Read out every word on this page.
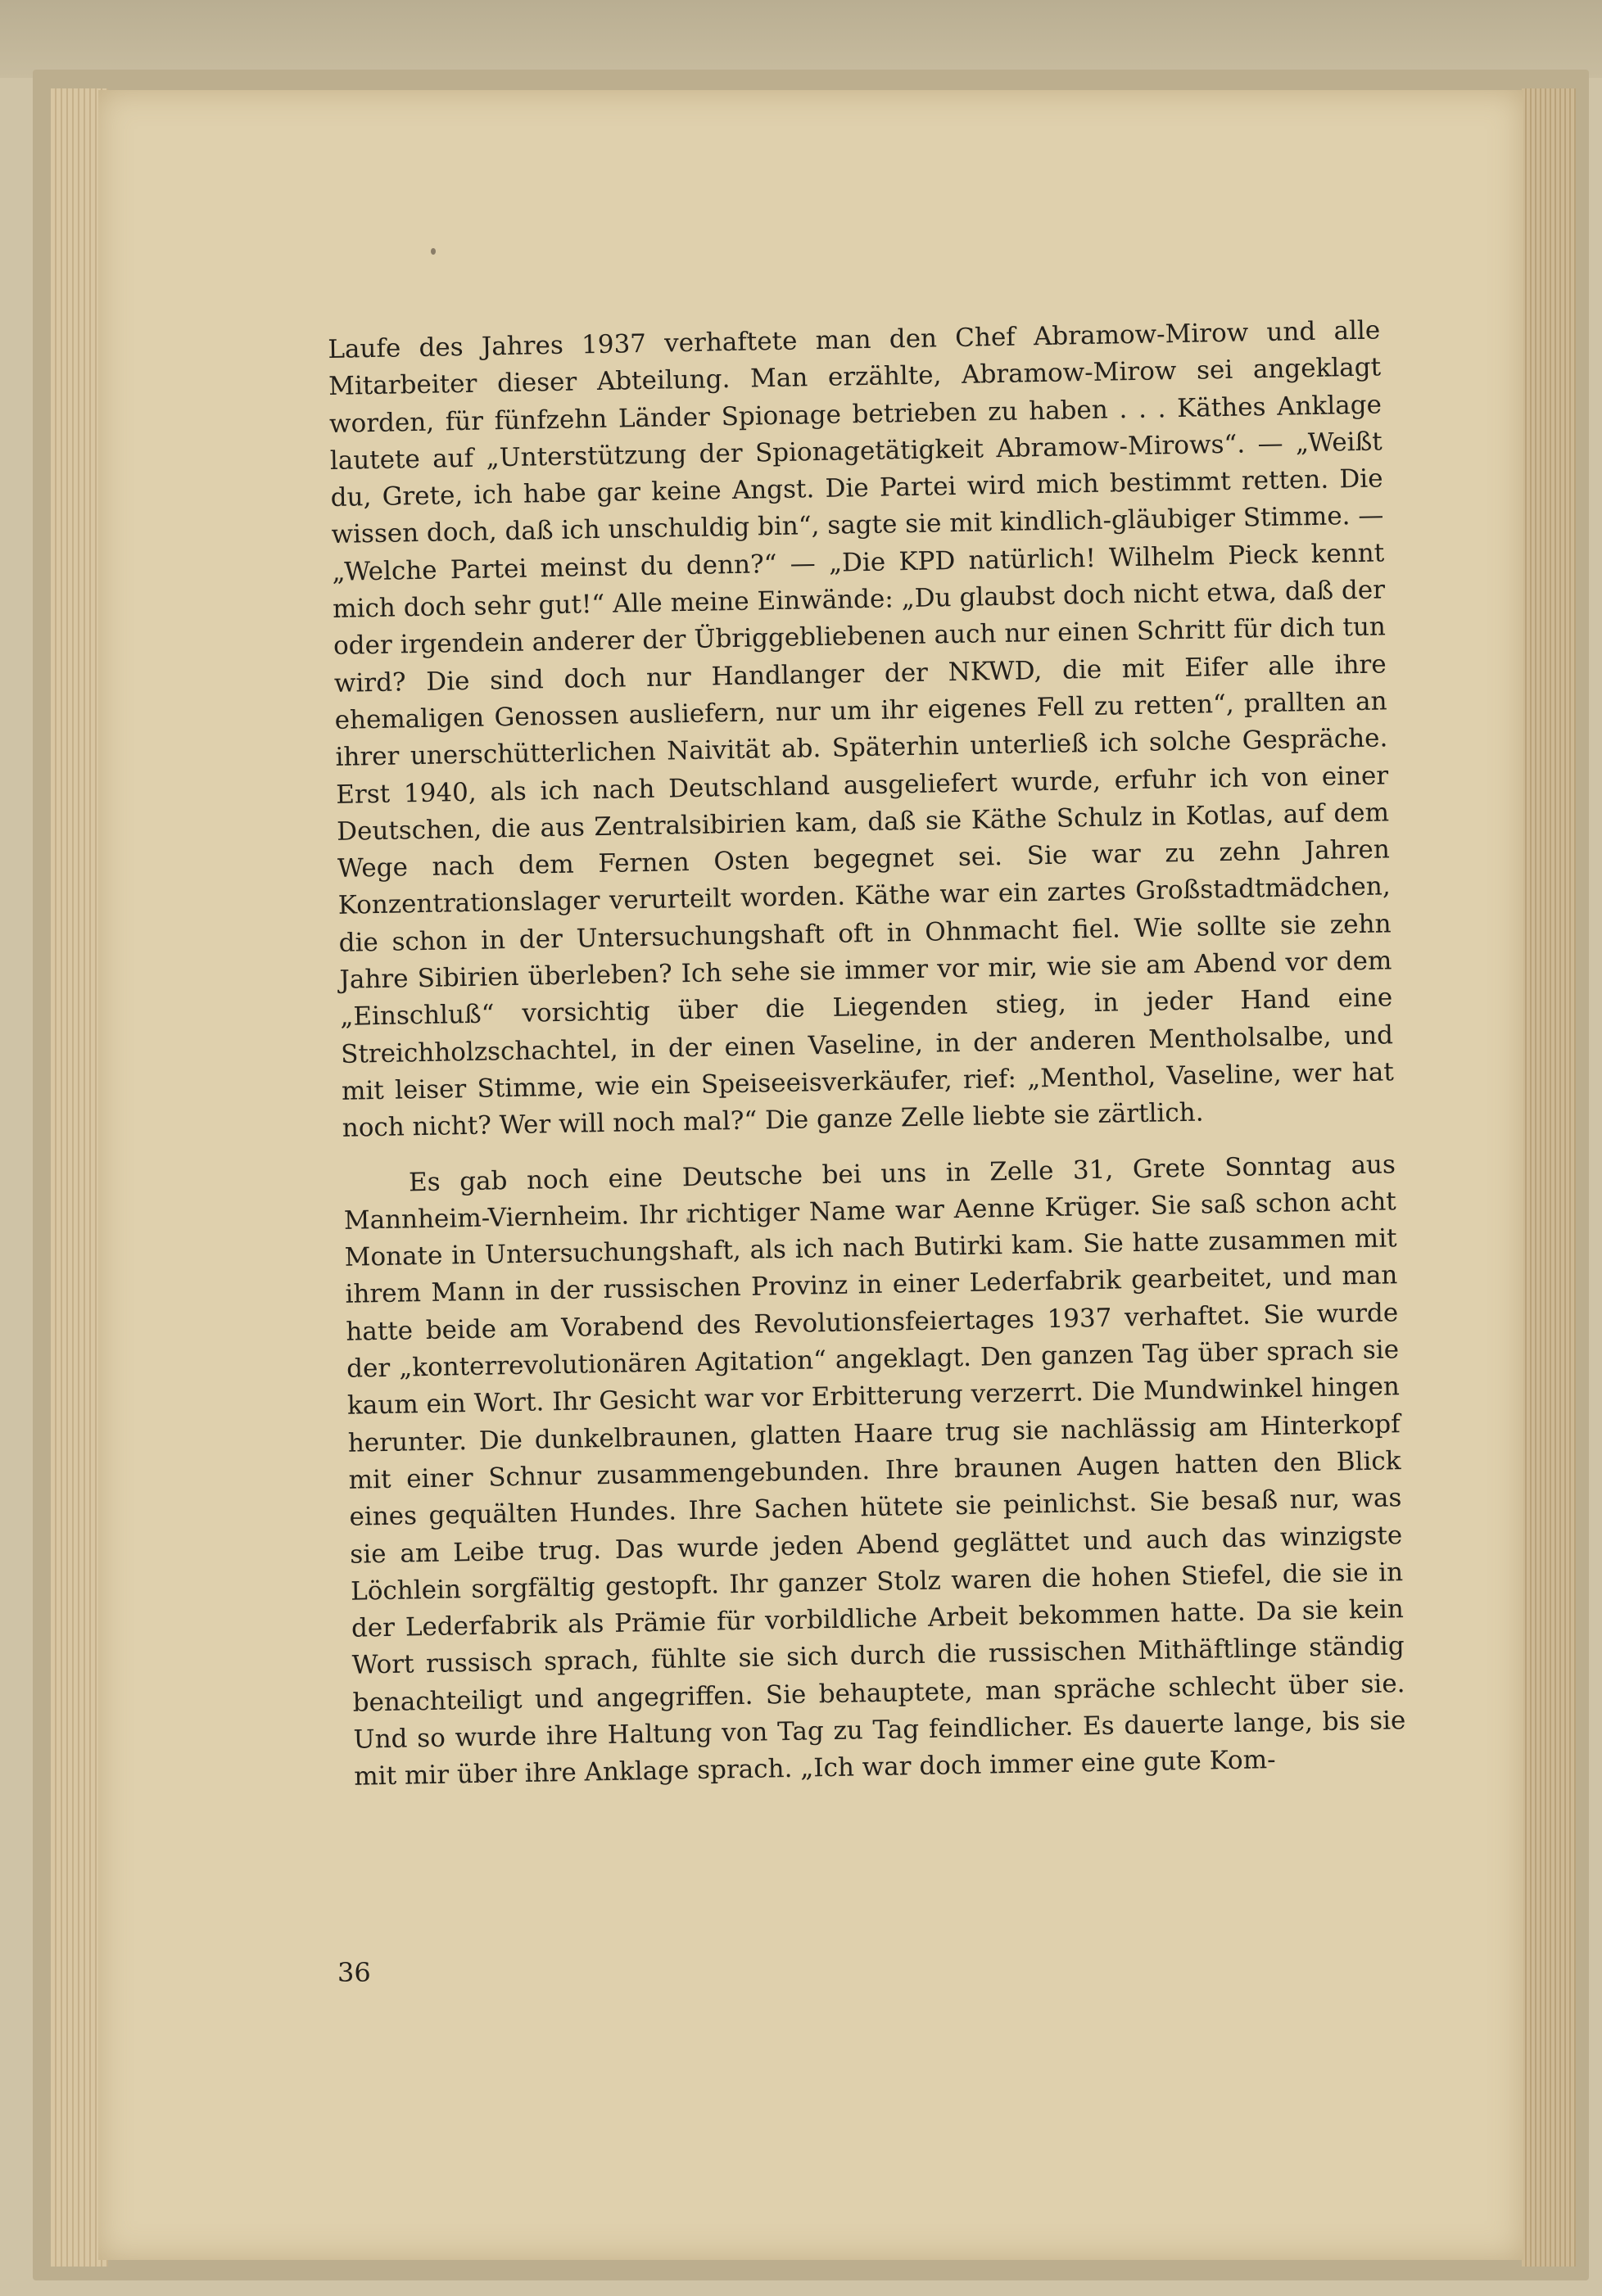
Laufe des Jahres 1937 verhaftete man den Chef Abramow-Mirow und alle Mitarbeiter dieser Abteilung. Man erzählte, Abramow-Mirow sei angeklagt worden, für fünfzehn Länder Spionage betrieben zu haben . . . Käthes Anklage lautete auf „Unterstützung der Spionagetätigkeit Abramow-Mirows“. — „Weißt du, Grete, ich habe gar keine Angst. Die Partei wird mich bestimmt retten. Die wissen doch, daß ich unschuldig bin“, sagte sie mit kindlich-gläubiger Stimme. — „Welche Partei meinst du denn?“ — „Die KPD natürlich! Wilhelm Pieck kennt mich doch sehr gut!“ Alle meine Einwände: „Du glaubst doch nicht etwa, daß der oder irgendein anderer der Übriggebliebenen auch nur einen Schritt für dich tun wird? Die sind doch nur Handlanger der NKWD, die mit Eifer alle ihre ehemaligen Genossen ausliefern, nur um ihr eigenes Fell zu retten“, prallten an ihrer unerschütterlichen Naivität ab. Späterhin unterließ ich solche Gespräche. Erst 1940, als ich nach Deutschland ausgeliefert wurde, erfuhr ich von einer Deutschen, die aus Zentralsibirien kam, daß sie Käthe Schulz in Kotlas, auf dem Wege nach dem Fernen Osten begegnet sei. Sie war zu zehn Jahren Konzentrationslager verurteilt worden. Käthe war ein zartes Großstadtmädchen, die schon in der Untersuchungshaft oft in Ohnmacht fiel. Wie sollte sie zehn Jahre Sibirien überleben? Ich sehe sie immer vor mir, wie sie am Abend vor dem „Einschluß“ vorsichtig über die Liegenden stieg, in jeder Hand eine Streichholzschachtel, in der einen Vaseline, in der anderen Mentholsalbe, und mit leiser Stimme, wie ein Speiseeisverkäufer, rief: „Menthol, Vaseline, wer hat noch nicht? Wer will noch mal?“ Die ganze Zelle liebte sie zärtlich.

Es gab noch eine Deutsche bei uns in Zelle 31, Grete Sonntag aus Mannheim-Viernheim. Ihr richtiger Name war Aenne Krüger. Sie saß schon acht Monate in Untersuchungshaft, als ich nach Butirki kam. Sie hatte zusammen mit ihrem Mann in der russischen Provinz in einer Lederfabrik gearbeitet, und man hatte beide am Vorabend des Revolutionsfeiertages 1937 verhaftet. Sie wurde der „konterrevolutionären Agitation“ angeklagt. Den ganzen Tag über sprach sie kaum ein Wort. Ihr Gesicht war vor Erbitterung verzerrt. Die Mundwinkel hingen herunter. Die dunkelbraunen, glatten Haare trug sie nachlässig am Hinterkopf mit einer Schnur zusammengebunden. Ihre braunen Augen hatten den Blick eines gequälten Hundes. Ihre Sachen hütete sie peinlichst. Sie besaß nur, was sie am Leibe trug. Das wurde jeden Abend geglättet und auch das winzigste Löchlein sorgfältig gestopft. Ihr ganzer Stolz waren die hohen Stiefel, die sie in der Lederfabrik als Prämie für vorbildliche Arbeit bekommen hatte. Da sie kein Wort russisch sprach, fühlte sie sich durch die russischen Mithäftlinge ständig benachteiligt und angegriffen. Sie behauptete, man spräche schlecht über sie. Und so wurde ihre Haltung von Tag zu Tag feindlicher. Es dauerte lange, bis sie mit mir über ihre Anklage sprach. „Ich war doch immer eine gute Kom-

36
